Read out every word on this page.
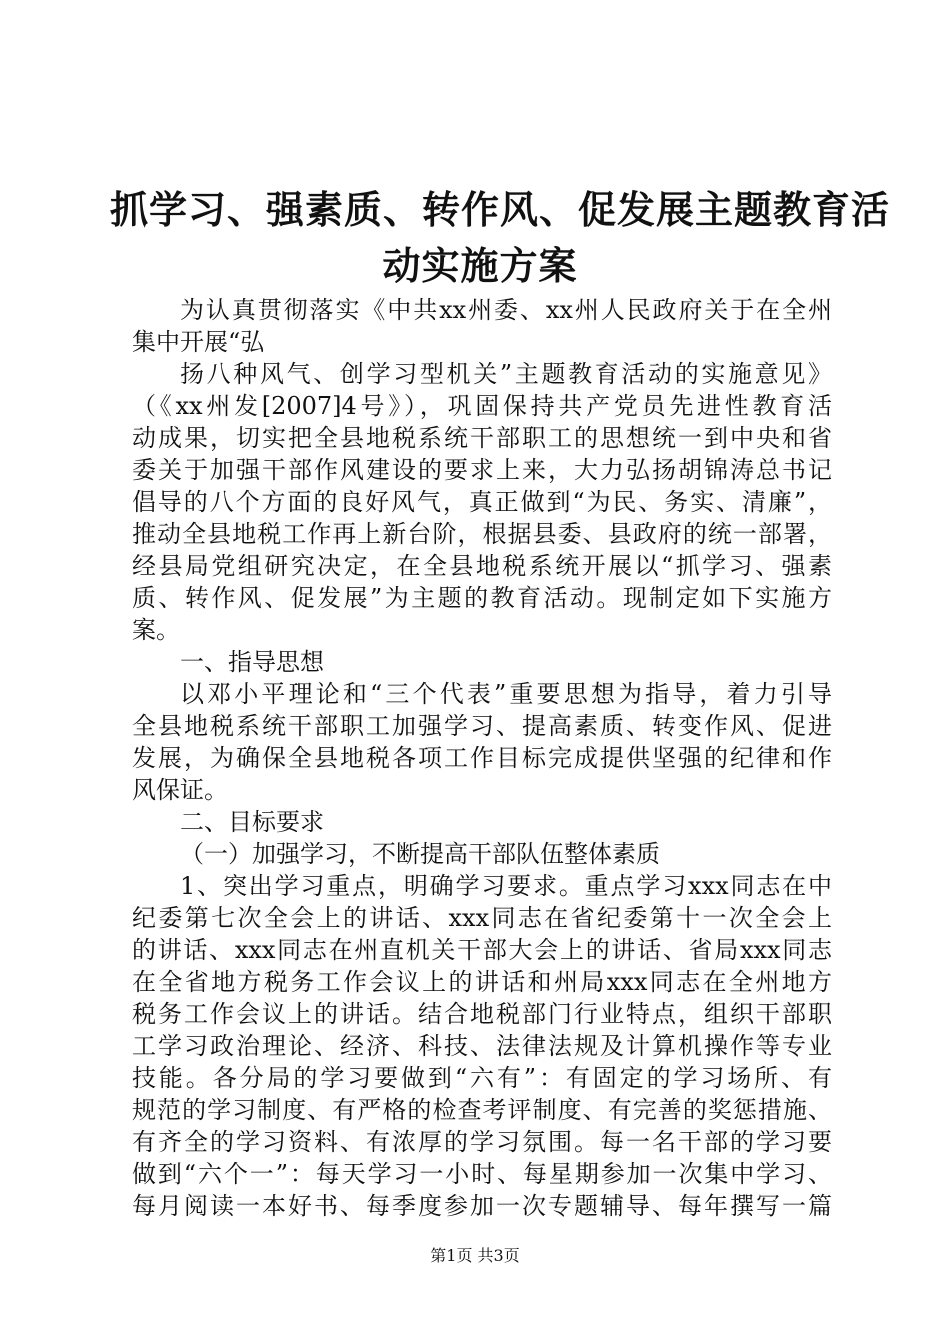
抓学习、强素质、转作风、促发展主题教育活
动实施方案
为认真贯彻落实《中共xx州委、xx州人民政府关于在全州
集中开展“弘
扬八种风气、创学习型机关”主题教育活动的实施意见》
（《xx州发[2007]4号》），巩固保持共产党员先进性教育活
动成果，切实把全县地税系统干部职工的思想统一到中央和省
委关于加强干部作风建设的要求上来，大力弘扬胡锦涛总书记
倡导的八个方面的良好风气，真正做到“为民、务实、清廉”，
推动全县地税工作再上新台阶，根据县委、县政府的统一部署，
经县局党组研究决定，在全县地税系统开展以“抓学习、强素
质、转作风、促发展”为主题的教育活动。现制定如下实施方
案。
一、指导思想
以邓小平理论和“三个代表”重要思想为指导，着力引导
全县地税系统干部职工加强学习、提高素质、转变作风、促进
发展，为确保全县地税各项工作目标完成提供坚强的纪律和作
风保证。
二、目标要求
（一）加强学习，不断提高干部队伍整体素质
1、突出学习重点，明确学习要求。重点学习xxx同志在中
纪委第七次全会上的讲话、xxx同志在省纪委第十一次全会上
的讲话、xxx同志在州直机关干部大会上的讲话、省局xxx同志
在全省地方税务工作会议上的讲话和州局xxx同志在全州地方
税务工作会议上的讲话。结合地税部门行业特点，组织干部职
工学习政治理论、经济、科技、法律法规及计算机操作等专业
技能。各分局的学习要做到“六有”：有固定的学习场所、有
规范的学习制度、有严格的检查考评制度、有完善的奖惩措施、
有齐全的学习资料、有浓厚的学习氛围。每一名干部的学习要
做到“六个一”：每天学习一小时、每星期参加一次集中学习、
每月阅读一本好书、每季度参加一次专题辅导、每年撰写一篇
第1页 共3页
